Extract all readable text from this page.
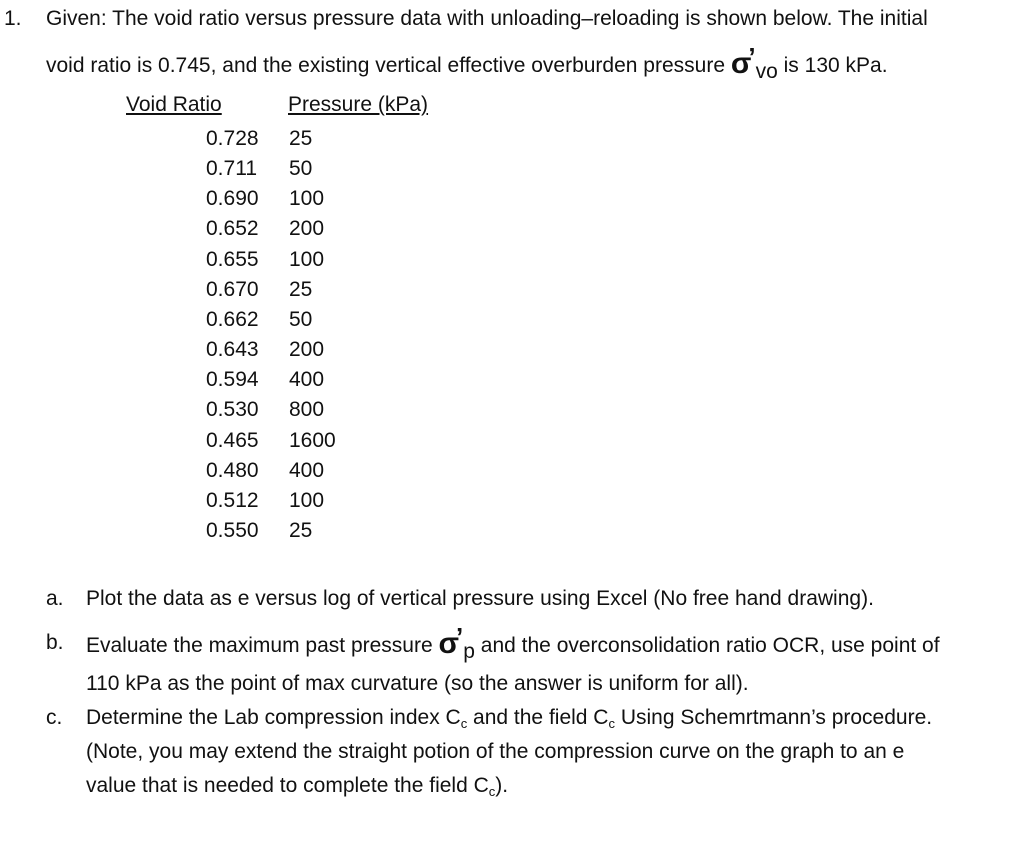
1. Given: The void ratio versus pressure data with unloading–reloading is shown below. The initial
void ratio is 0.745, and the existing vertical effective overburden pressure σ’vo is 130 kPa.
Void Ratio	Pressure (kPa)
0.728 25
0.711 50
0.690 100
0.652 200
0.655 100
0.670 25
0.662 50
0.643 200
0.594 400
0.530 800
0.465 1600
0.480 400
0.512 100
0.550 25
a. Plot the data as e versus log of vertical pressure using Excel (No free hand drawing).
b. Evaluate the maximum past pressure σ’p and the overconsolidation ratio OCR, use point of
110 kPa as the point of max curvature (so the answer is uniform for all).
c. Determine the Lab compression index Cc and the field Cc Using Schemrtmann’s procedure.
(Note, you may extend the straight potion of the compression curve on the graph to an e
value that is needed to complete the field Cc).
